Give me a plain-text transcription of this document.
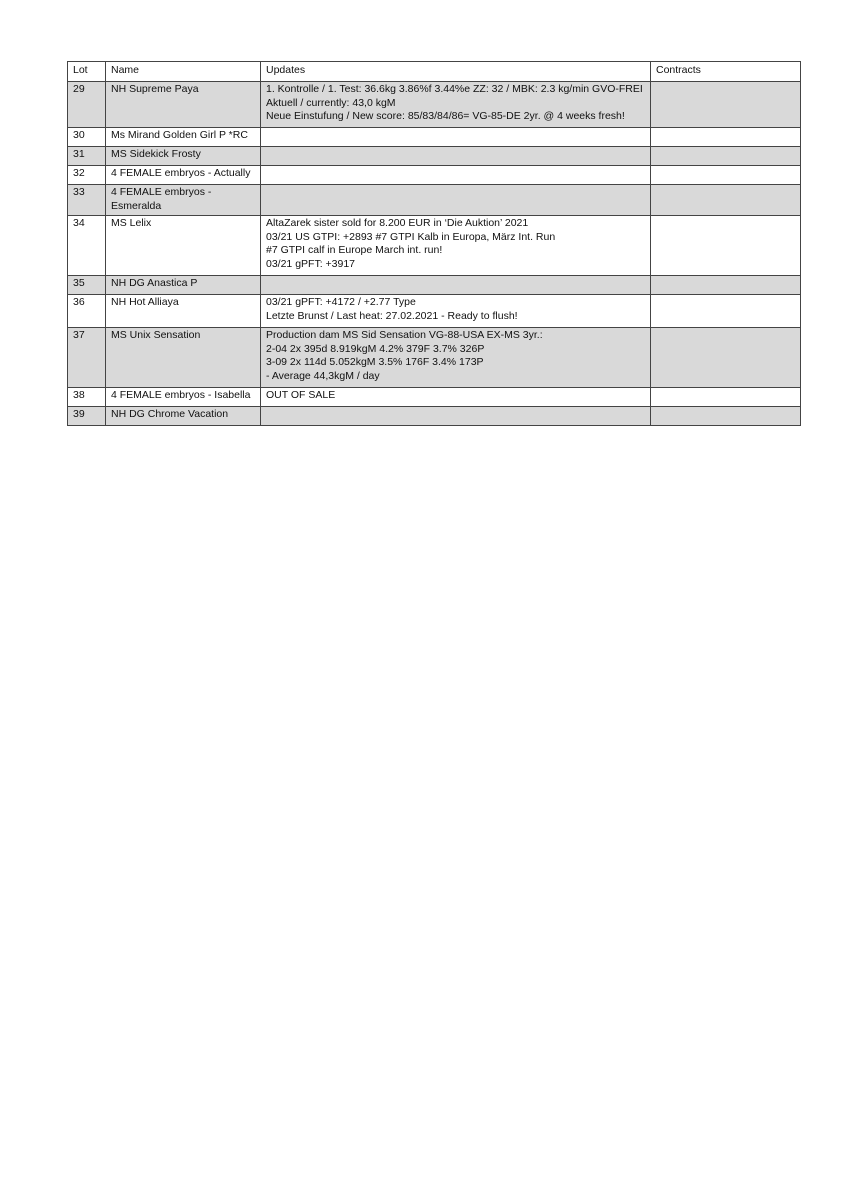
Lot	Name	Updates	Contracts
29	NH Supreme Paya	1. Kontrolle / 1. Test: 36.6kg 3.86%f 3.44%e ZZ: 32 / MBK: 2.3 kg/min GVO-FREI
Aktuell / currently: 43,0 kgM
Neue Einstufung / New score: 85/83/84/86= VG-85-DE 2yr. @ 4 weeks fresh!	

30	Ms Mirand Golden Girl P *RC		
31	MS Sidekick Frosty		
32	4 FEMALE embryos - Actually		
33	4 FEMALE embryos - Esmeralda		
34	MS Lelix	AltaZarek sister sold for 8.200 EUR in ‘Die Auktion’ 2021
03/21 US GTPI: +2893 #7 GTPI Kalb in Europa, März Int. Run
#7 GTPI calf in Europe March int. run!
03/21 gPFT: +3917	

35	NH DG Anastica P		
36	NH Hot Alliaya	03/21 gPFT: +4172 / +2.77 Type
Letzte Brunst / Last heat: 27.02.2021 - Ready to flush!	

37	MS Unix Sensation	Production dam MS Sid Sensation VG-88-USA EX-MS 3yr.:
2-04 2x 395d 8.919kgM 4.2% 379F 3.7% 326P
3-09 2x 114d 5.052kgM 3.5% 176F 3.4% 173P
- Average 44,3kgM / day	

38	4 FEMALE embryos - Isabella	OUT OF SALE	

39	NH DG Chrome Vacation		
